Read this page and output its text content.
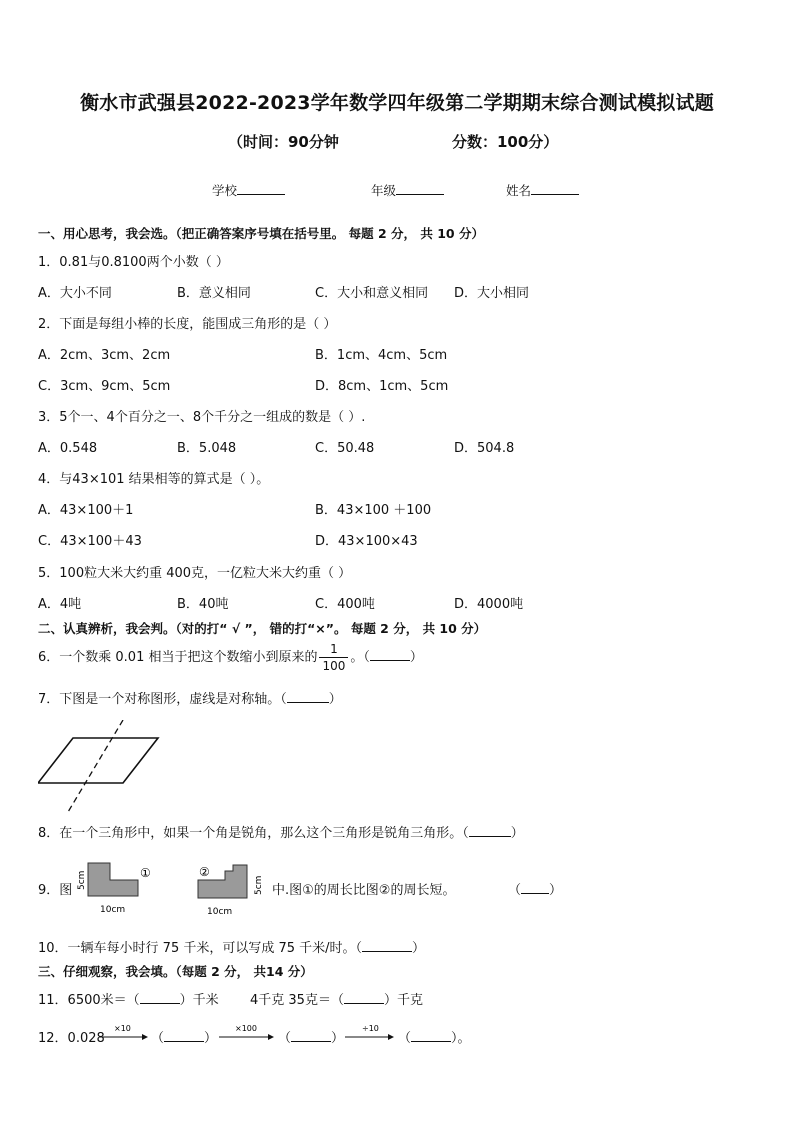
衡水市武强县2022-2023学年数学四年级第二学期期末综合测试模拟试题
（时间：90分钟	分数：100分）
学校	年级	姓名
一、用心思考，我会选。（把正确答案序号填在括号里。 每题 2 分， 共 10 分）
1．0.81与0.8100两个小数（ ）
A．大小不同	B．意义相同	C．大小和意义相同 D．大小相同
2．下面是每组小棒的长度，能围成三角形的是（ ）
A．2cm、3cm、2cm	B．1cm、4cm、5cm
C．3cm、9cm、5cm	D．8cm、1cm、5cm
3．5个一、4个百分之一、8个千分之一组成的数是（ ）.
A．0.548	B．5.048	C．50.48	D．504.8
4．与43×101 结果相等的算式是（ ）。
A．43×100＋1	B．43×100 ＋100
C．43×100＋43	D．43×100×43
5．100粒大米大约重 400克，一亿粒大米大约重（ ）
A．4吨	B．40吨	C．400吨	D．4000吨
二、认真辨析，我会判。（对的打“ √ ”， 错的打“×”。 每题 2 分， 共 10 分）
6．一个数乘 0.01 相当于把这个数缩小到原来的 $\frac{1}{100}$ 。（	）
7．下图是一个对称图形，虚线是对称轴。（	）
8．在一个三角形中，如果一个角是锐角，那么这个三角形是锐角三角形。（	）
9．图
①
5cm
10cm
②
5cm
10cm
中.图①的周长比图②的周长短。	（ ）
10．一辆车每小时行 75 千米，可以写成 75 千米/时。（	）
三、仔细观察，我会填。（每题 2 分， 共14 分）
11．6500米＝（	）千米 4千克 35克＝（	）千克
12．0.028
×10
（	）
×100
（	）
÷10
（	）。
